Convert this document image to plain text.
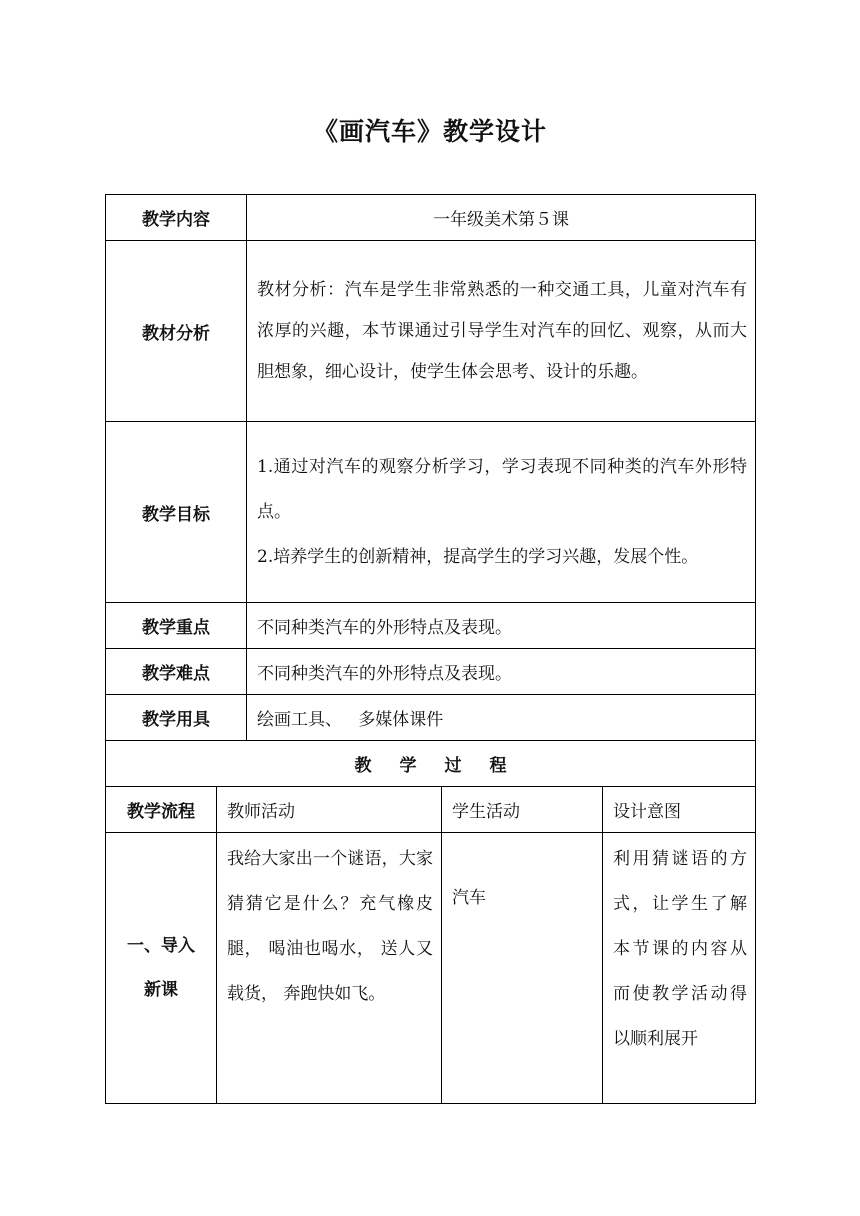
《画汽车》教学设计
教学内容		一年级美术第５课		
教材分析		教材分析：汽车是学生非常熟悉的一种交通工具，儿童对汽车有浓厚的兴趣，本节课通过引导学生对汽车的回忆、观察，从而大胆想象，细心设计，使学生体会思考、设计的乐趣。		

教学目标		1.通过对汽车的观察分析学习，学习表现不同种类的汽车外形特点。

2.培养学生的创新精神，提高学生的学习兴趣，发展个性。		

教学重点		不同种类汽车的外形特点及表现。		
教学难点		不同种类汽车的外形特点及表现。		
教学用具		绘画工具、   多媒体课件		
教学过程				
教学流程	教师活动		学生活动	设计意图
一、导入新课	我给大家出一个谜语，大家猜猜它是什么？充气橡皮腿， 喝油也喝水， 送人又载货， 奔跑快如飞。		汽车	利用猜谜语的方式，让学生了解本节课的内容从而使教学活动得以顺利展开
